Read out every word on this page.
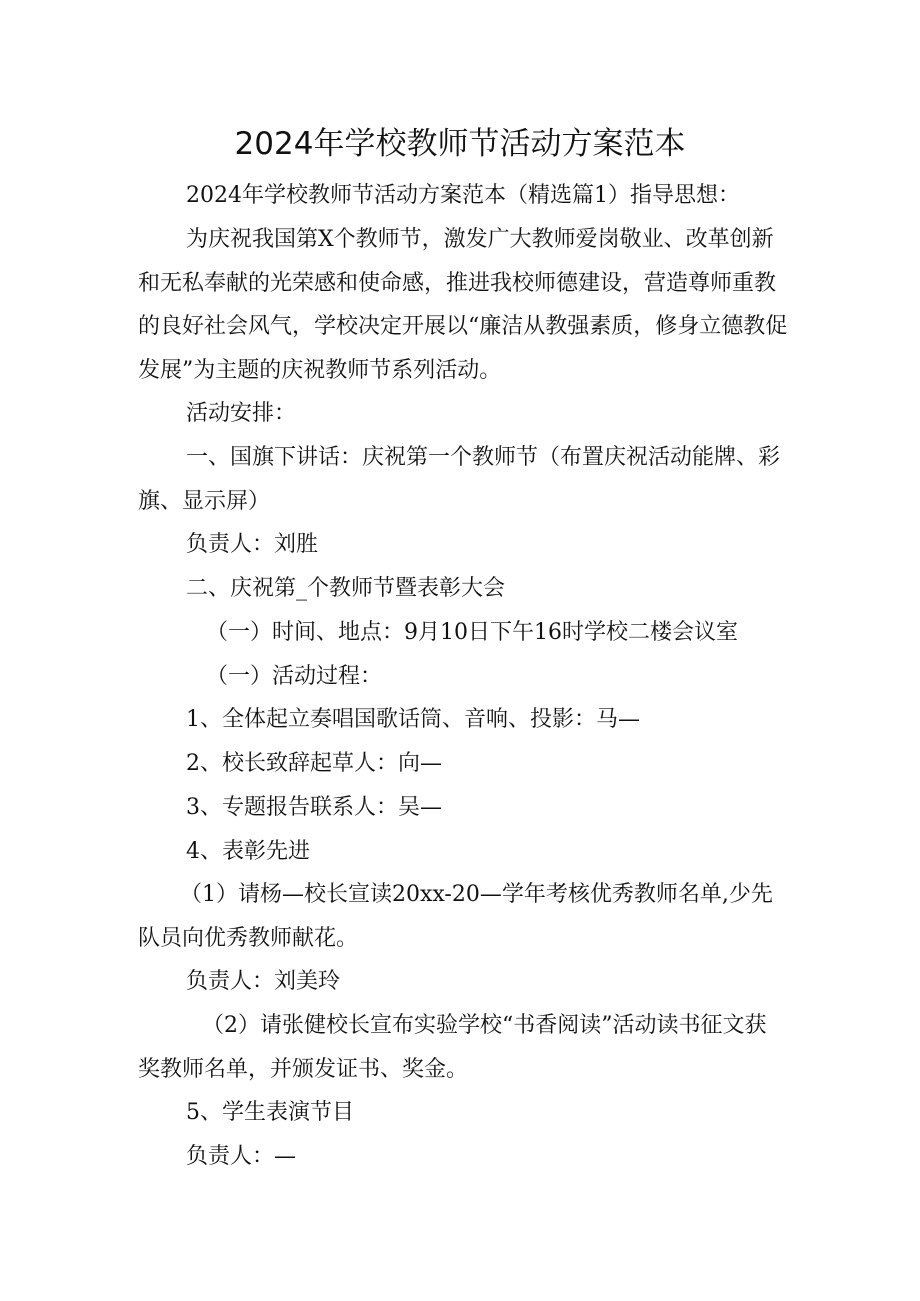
2024年学校教师节活动方案范本

2024年学校教师节活动方案范本（精选篇1）指导思想：

为庆祝我国第X个教师节，激发广大教师爱岗敬业、改革创新和无私奉献的光荣感和使命感，推进我校师德建设，营造尊师重教的良好社会风气，学校决定开展以“廉洁从教强素质，修身立德教促发展”为主题的庆祝教师节系列活动。

活动安排：

一、国旗下讲话：庆祝第一个教师节（布置庆祝活动能牌、彩旗、显示屏）

负责人：刘胜

二、庆祝第_个教师节暨表彰大会

（一）时间、地点：9月10日下午16时学校二楼会议室

（一）活动过程：

1、全体起立奏唱国歌话筒、音响、投影：马—

2、校长致辞起草人：向—

3、专题报告联系人：吴—

4、表彰先进

（1）请杨—校长宣读20xx-20—学年考核优秀教师名单,少先队员向优秀教师献花。

负责人：刘美玲

（2）请张健校长宣布实验学校“书香阅读”活动读书征文获奖教师名单，并颁发证书、奖金。

5、学生表演节目

负责人：—
